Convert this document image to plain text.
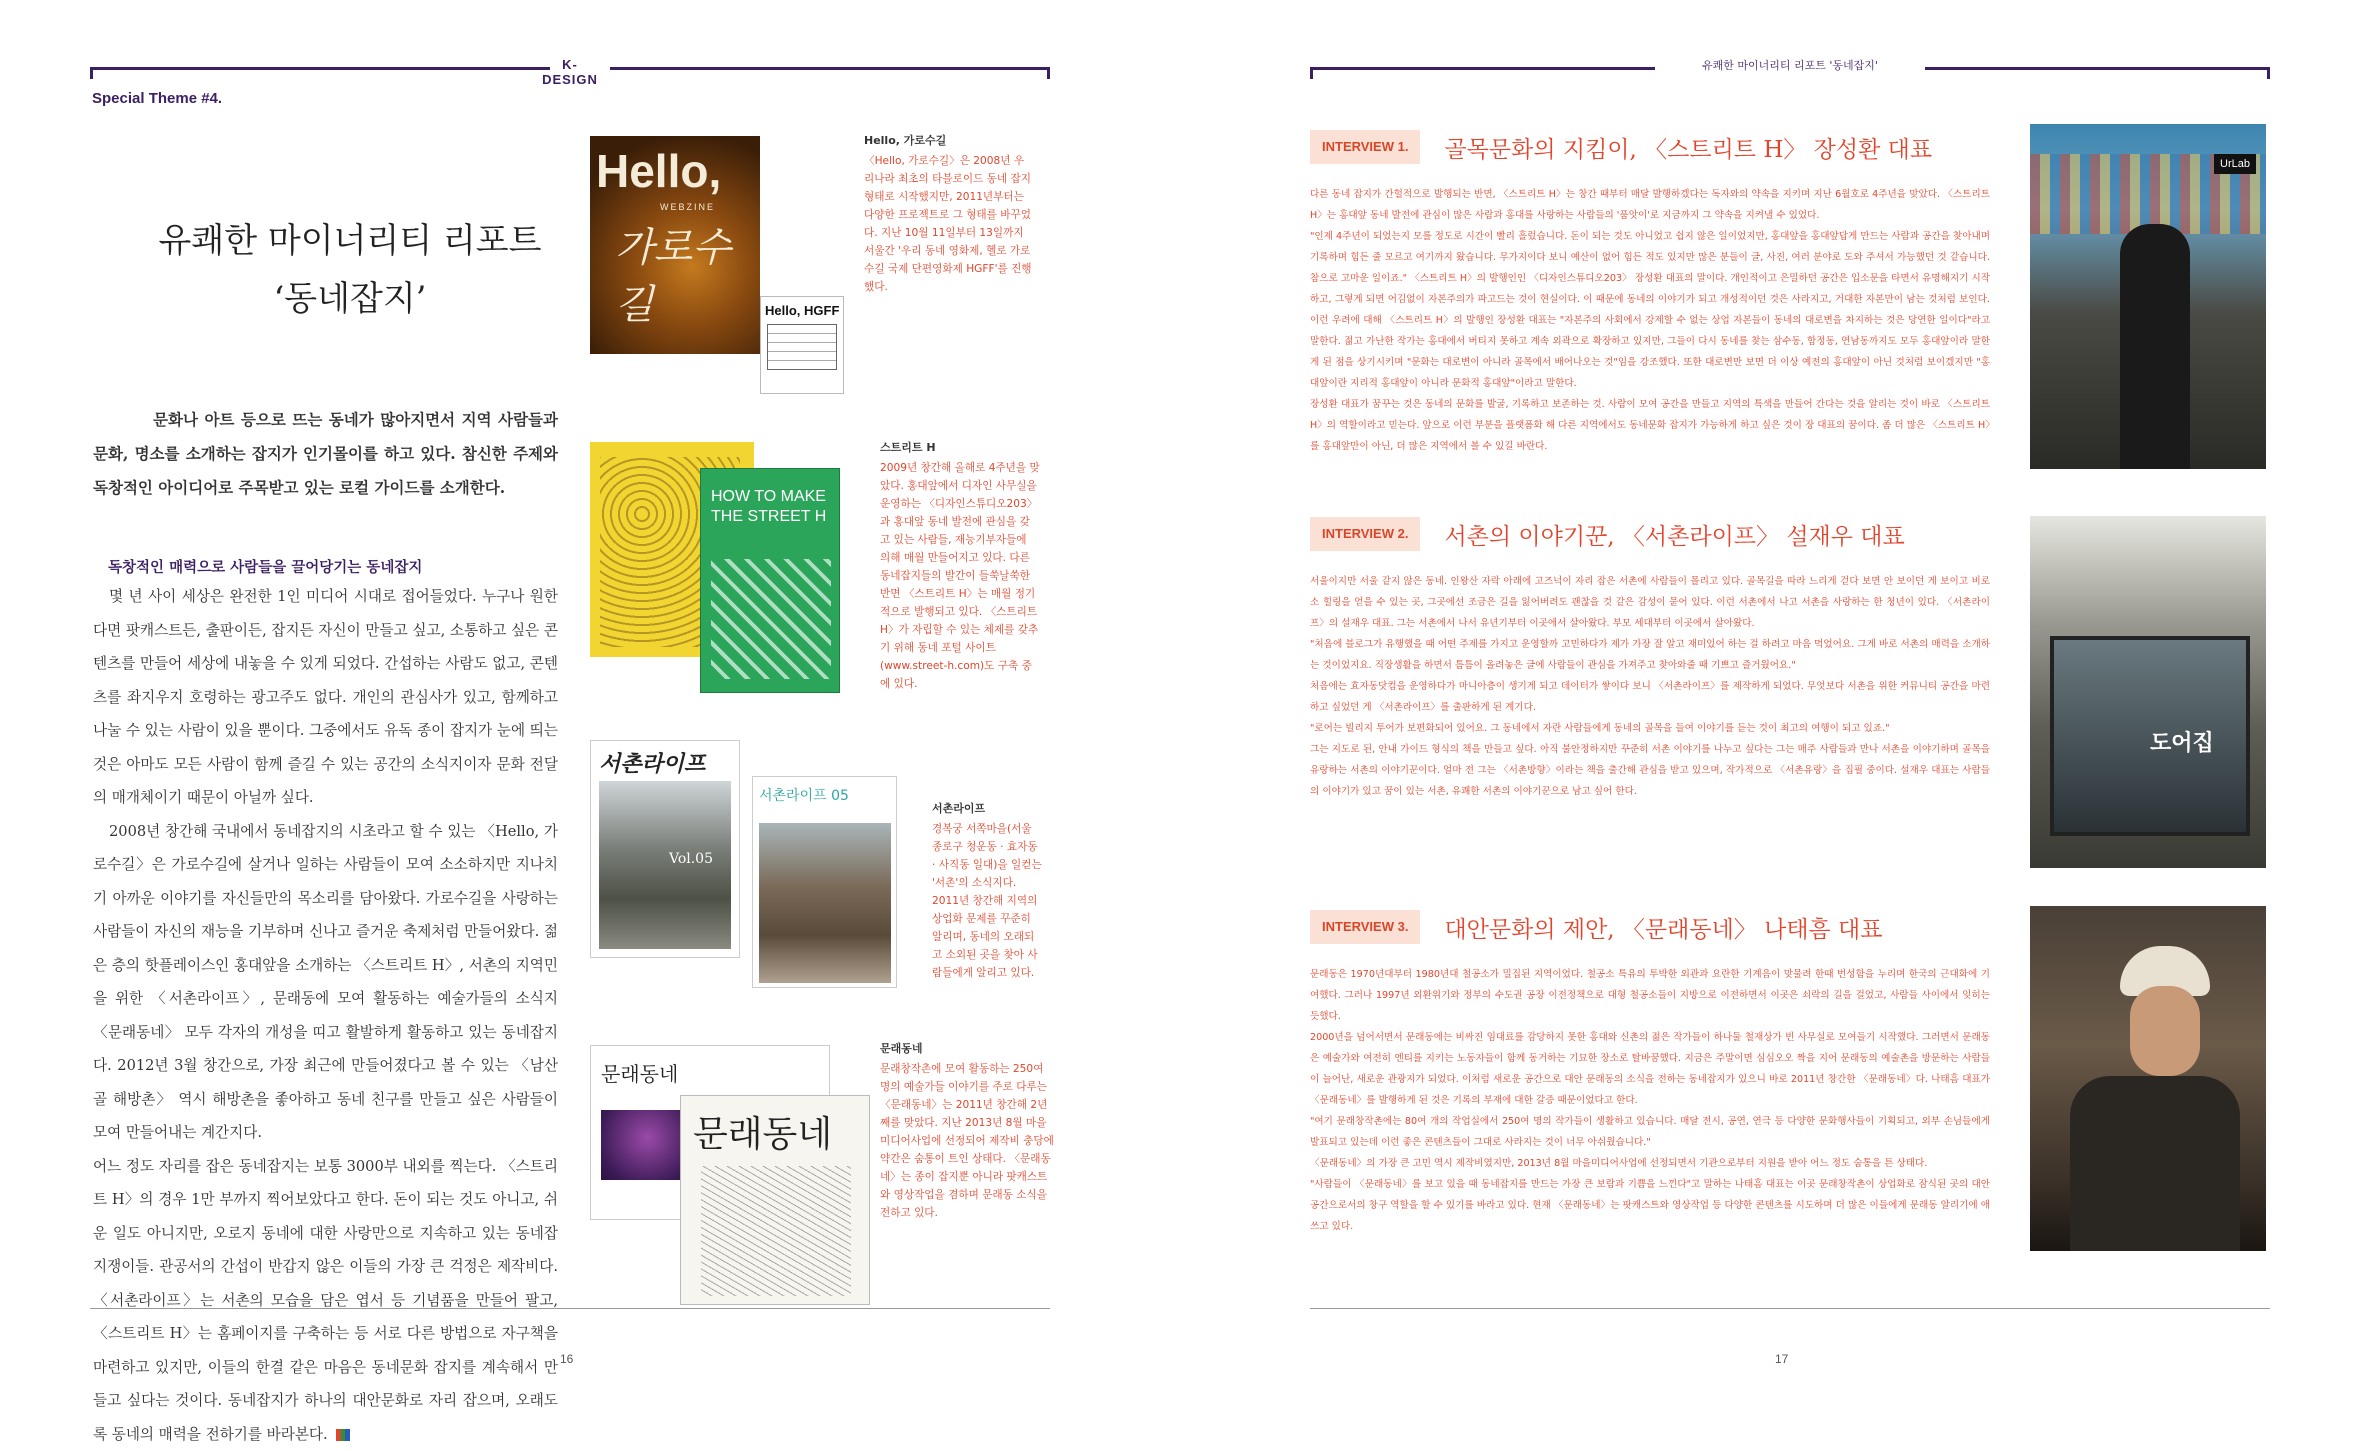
K-DESIGN
Special Theme #4.
유쾌한 마이너리티 리포트
‘동네잡지’
문화나 아트 등으로 뜨는 동네가 많아지면서 지역 사람들과 문화, 명소를 소개하는 잡지가 인기몰이를 하고 있다. 참신한 주제와 독창적인 아이디어로 주목받고 있는 로컬 가이드를 소개한다.
독창적인 매력으로 사람들을 끌어당기는 동네잡지

몇 년 사이 세상은 완전한 1인 미디어 시대로 접어들었다. 누구나 원한다면 팟캐스트든, 출판이든, 잡지든 자신이 만들고 싶고, 소통하고 싶은 콘텐츠를 만들어 세상에 내놓을 수 있게 되었다. 간섭하는 사람도 없고, 콘텐츠를 좌지우지 호령하는 광고주도 없다. 개인의 관심사가 있고, 함께하고 나눌 수 있는 사람이 있을 뿐이다. 그중에서도 유독 종이 잡지가 눈에 띄는 것은 아마도 모든 사람이 함께 즐길 수 있는 공간의 소식지이자 문화 전달의 매개체이기 때문이 아닐까 싶다.

2008년 창간해 국내에서 동네잡지의 시초라고 할 수 있는 〈Hello, 가로수길〉은 가로수길에 살거나 일하는 사람들이 모여 소소하지만 지나치기 아까운 이야기를 자신들만의 목소리를 담아왔다. 가로수길을 사랑하는 사람들이 자신의 재능을 기부하며 신나고 즐거운 축제처럼 만들어왔다. 젊은 층의 핫플레이스인 홍대앞을 소개하는 〈스트리트 H〉, 서촌의 지역민을 위한 〈서촌라이프〉, 문래동에 모여 활동하는 예술가들의 소식지 〈문래동네〉 모두 각자의 개성을 띠고 활발하게 활동하고 있는 동네잡지다. 2012년 3월 창간으로, 가장 최근에 만들어졌다고 볼 수 있는 〈남산골 해방촌〉 역시 해방촌을 좋아하고 동네 친구를 만들고 싶은 사람들이 모여 만들어내는 계간지다.

어느 정도 자리를 잡은 동네잡지는 보통 3000부 내외를 찍는다. 〈스트리트 H〉의 경우 1만 부까지 찍어보았다고 한다. 돈이 되는 것도 아니고, 쉬운 일도 아니지만, 오로지 동네에 대한 사랑만으로 지속하고 있는 동네잡지쟁이들. 관공서의 간섭이 반갑지 않은 이들의 가장 큰 걱정은 제작비다. 〈서촌라이프〉는 서촌의 모습을 담은 엽서 등 기념품을 만들어 팔고, 〈스트리트 H〉는 홈페이지를 구축하는 등 서로 다른 방법으로 자구책을 마련하고 있지만, 이들의 한결 같은 마음은 동네문화 잡지를 계속해서 만들고 싶다는 것이다. 동네잡지가 하나의 대안문화로 자리 잡으며, 오래도록 동네의 매력을 전하기를 바라본다.

Hello,
WEBZINE
가로수길	Hello, HGFF
Hello, 가로수길
〈Hello, 가로수길〉은 2008년 우리나라 최초의 타블로이드 동네 잡지 형태로 시작했지만, 2011년부터는 다양한 프로젝트로 그 형태를 바꾸었다. 지난 10월 11일부터 13일까지 서울간 '우리 동네 영화제, 헬로 가로수길 국제 단편영화제 HGFF'를 진행했다.
HOW TO MAKE THE STREET H
스트리트 H
2009년 창간해 올해로 4주년을 맞았다. 홍대앞에서 디자인 사무실을 운영하는 〈디자인스튜디오203〉과 홍대앞 동네 발전에 관심을 갖고 있는 사람들, 재능기부자들에 의해 매월 만들어지고 있다. 다른 동네잡지들의 발간이 들쑥날쑥한 반면 〈스트리트 H〉는 매월 정기적으로 발행되고 있다. 〈스트리트 H〉가 자립할 수 있는 체제를 갖추기 위해 동네 포털 사이트(www.street-h.com)도 구축 중에 있다.
서촌라이프
Vol.05
서촌라이프 05
서촌라이프
경복궁 서쪽마을(서울 종로구 청운동 · 효자동 · 사직동 일대)을 일컫는 '서촌'의 소식지다. 2011년 창간해 지역의 상업화 문제를 꾸준히 알리며, 동네의 오래되고 소외된 곳을 찾아 사람들에게 알리고 있다.
문래동네
문래동네
문래동네
문래창작촌에 모여 활동하는 250여 명의 예술가들 이야기를 주로 다루는 〈문래동네〉는 2011년 창간해 2년째를 맞았다. 지난 2013년 8월 마을미디어사업에 선정되어 제작비 충당에 약간은 숨통이 트인 상태다. 〈문래동네〉는 종이 잡지뿐 아니라 팟캐스트와 영상작업을 겸하며 문래동 소식을 전하고 있다.
16
유쾌한 마이너리티 리포트 '동네잡지'
INTERVIEW 1.	골목문화의 지킴이, 〈스트리트 H〉 장성환 대표

다른 동네 잡지가 간헐적으로 발행되는 반면, 〈스트리트 H〉는 창간 때부터 매달 발행하겠다는 독자와의 약속을 지키며 지난 6월호로 4주년을 맞았다. 〈스트리트 H〉는 홍대앞 동네 발전에 관심이 많은 사람과 홍대를 사랑하는 사람들의 '품앗이'로 지금까지 그 약속을 지켜낼 수 있었다.

"인제 4주년이 되었는지 모를 정도로 시간이 빨리 흘렀습니다. 돈이 되는 것도 아니었고 쉽지 않은 일이었지만, 홍대앞을 홍대앞답게 만드는 사람과 공간을 찾아내며 기록하며 힘든 줄 모르고 여기까지 왔습니다. 무가지이다 보니 예산이 없어 힘든 적도 있지만 많은 분들이 글, 사진, 여러 분야로 도와 주셔서 가능했던 것 같습니다. 참으로 고마운 일이죠." 〈스트리트 H〉의 발행인인 〈디자인스튜디오203〉 장성환 대표의 말이다. 개인적이고 은밀하던 공간은 입소문을 타면서 유명해지기 시작하고, 그렇게 되면 어김없이 자본주의가 파고드는 것이 현실이다. 이 때문에 동네의 이야기가 되고 개성적이던 것은 사라지고, 거대한 자본만이 남는 것처럼 보인다. 이런 우려에 대해 〈스트리트 H〉의 발행인 장성환 대표는 "자본주의 사회에서 강제할 수 없는 상업 자본들이 동네의 대로변을 차지하는 것은 당연한 일이다"라고 말한다. 젊고 가난한 작가는 홍대에서 버티지 못하고 계속 외곽으로 확장하고 있지만, 그들이 다시 동네를 찾는 삼수동, 합정동, 연남동까지도 모두 홍대앞이라 말한 게 된 점을 상기시키며 "문화는 대로변이 아니라 골목에서 배어나오는 것"임을 강조했다. 또한 대로변만 보면 더 이상 예전의 홍대앞이 아닌 것처럼 보이겠지만 "홍대앞이란 지리적 홍대앞이 아니라 문화적 홍대앞"이라고 말한다.

장성환 대표가 꿈꾸는 것은 동네의 문화를 발굴, 기록하고 보존하는 것. 사람이 모여 공간을 만들고 지역의 특색을 만들어 간다는 것을 알리는 것이 바로 〈스트리트 H〉의 역할이라고 믿는다. 앞으로 이런 부분을 플랫폼화 해 다른 지역에서도 동네문화 잡지가 가능하게 하고 싶은 것이 장 대표의 꿈이다. 좀 더 많은 〈스트리트 H〉를 홍대앞만이 아닌, 더 많은 지역에서 볼 수 있길 바란다.

UrLab
INTERVIEW 2.	서촌의 이야기꾼, 〈서촌라이프〉 설재우 대표

서울이지만 서울 같지 않은 동네. 인왕산 자락 아래에 고즈넉이 자리 잡은 서촌에 사람들이 몰리고 있다. 골목길을 따라 느리게 걷다 보면 안 보이던 게 보이고 비로소 힐링을 얻을 수 있는 곳, 그곳에선 조금은 길을 잃어버려도 괜찮을 것 같은 감성이 묻어 있다. 이런 서촌에서 나고 서촌을 사랑하는 한 청년이 있다. 〈서촌라이프〉의 설재우 대표. 그는 서촌에서 나서 유년기부터 이곳에서 살아왔다. 부모 세대부터 이곳에서 살아왔다.

"처음에 블로그가 유행했을 때 어떤 주제를 가지고 운영할까 고민하다가 제가 가장 잘 알고 재미있어 하는 걸 하려고 마음 먹었어요. 그게 바로 서촌의 매력을 소개하는 것이었지요. 직장생활을 하면서 틈틈이 올려놓은 글에 사람들이 관심을 가져주고 찾아와줄 때 기쁘고 즐거웠어요."

처음에는 효자동닷컴을 운영하다가 마니아층이 생기게 되고 데이터가 쌓이다 보니 〈서촌라이프〉를 제작하게 되었다. 무엇보다 서촌을 위한 커뮤니티 공간을 마련하고 싶었던 게 〈서촌라이프〉를 출판하게 된 계기다.

"로어는 빌리지 투어가 보편화되어 있어요. 그 동네에서 자란 사람들에게 동네의 골목을 들여 이야기를 듣는 것이 최고의 여행이 되고 있죠."

그는 지도로 된, 안내 가이드 형식의 책을 만들고 싶다. 아직 불안정하지만 꾸준히 서촌 이야기를 나누고 싶다는 그는 매주 사람들과 만나 서촌을 이야기하며 골목을 유랑하는 서촌의 이야기꾼이다. 얼마 전 그는 〈서촌방향〉이라는 책을 출간해 관심을 받고 있으며, 작가적으로 〈서촌유랑〉을 집필 중이다. 설재우 대표는 사람들의 이야기가 있고 꿈이 있는 서촌, 유쾌한 서촌의 이야기꾼으로 남고 싶어 한다.

도어집
INTERVIEW 3.	대안문화의 제안, 〈문래동네〉 나태흠 대표

문래동은 1970년대부터 1980년대 철공소가 밀집된 지역이었다. 철공소 특유의 투박한 외관과 요란한 기계음이 맞물려 한때 번성함을 누리며 한국의 근대화에 기여했다. 그러나 1997년 외환위기와 정부의 수도권 공장 이전정책으로 대형 철공소들이 지방으로 이전하면서 이곳은 쇠락의 길을 걸었고, 사람들 사이에서 잊히는 듯했다.

2000년을 넘어서면서 문래동에는 비싸진 임대료를 감당하지 못한 홍대와 신촌의 젊은 작가들이 하나둘 철재상가 빈 사무실로 모여들기 시작했다. 그러면서 문래동은 예술가와 여전히 엔티를 지키는 노동자들이 함께 동거하는 기묘한 장소로 탈바꿈했다. 지금은 주말이면 심심오오 짝을 지어 문래동의 예술촌을 방문하는 사람들이 늘어난, 새로운 관광지가 되었다. 이처럼 새로운 공간으로 대안 문래동의 소식을 전하는 동네잡지가 있으니 바로 2011년 창간한 〈문래동네〉다. 나태흠 대표가 〈문래동네〉를 발행하게 된 것은 기록의 부재에 대한 갈증 때문이었다고 한다.

"여기 문래창작촌에는 80여 개의 작업실에서 250여 명의 작가들이 생활하고 있습니다. 매달 전시, 공연, 연극 등 다양한 문화행사들이 기획되고, 외부 손님들에게 발표되고 있는데 이런 좋은 콘텐츠들이 그대로 사라지는 것이 너무 아쉬웠습니다."

〈문래동네〉의 가장 큰 고민 역시 제작비였지만, 2013년 8월 마을미디어사업에 선정되면서 기관으로부터 지원을 받아 어느 정도 숨통을 튼 상태다.

"사람들이 〈문래동네〉를 보고 있을 때 동네잡지를 만드는 가장 큰 보람과 기쁨을 느낀다"고 말하는 나태흠 대표는 이곳 문래창작촌이 상업화로 잠식된 곳의 대안공간으로서의 창구 역할을 할 수 있기를 바라고 있다. 현재 〈문래동네〉는 팟캐스트와 영상작업 등 다양한 콘텐츠를 시도하며 더 많은 이들에게 문래동 알리기에 애쓰고 있다.

17
